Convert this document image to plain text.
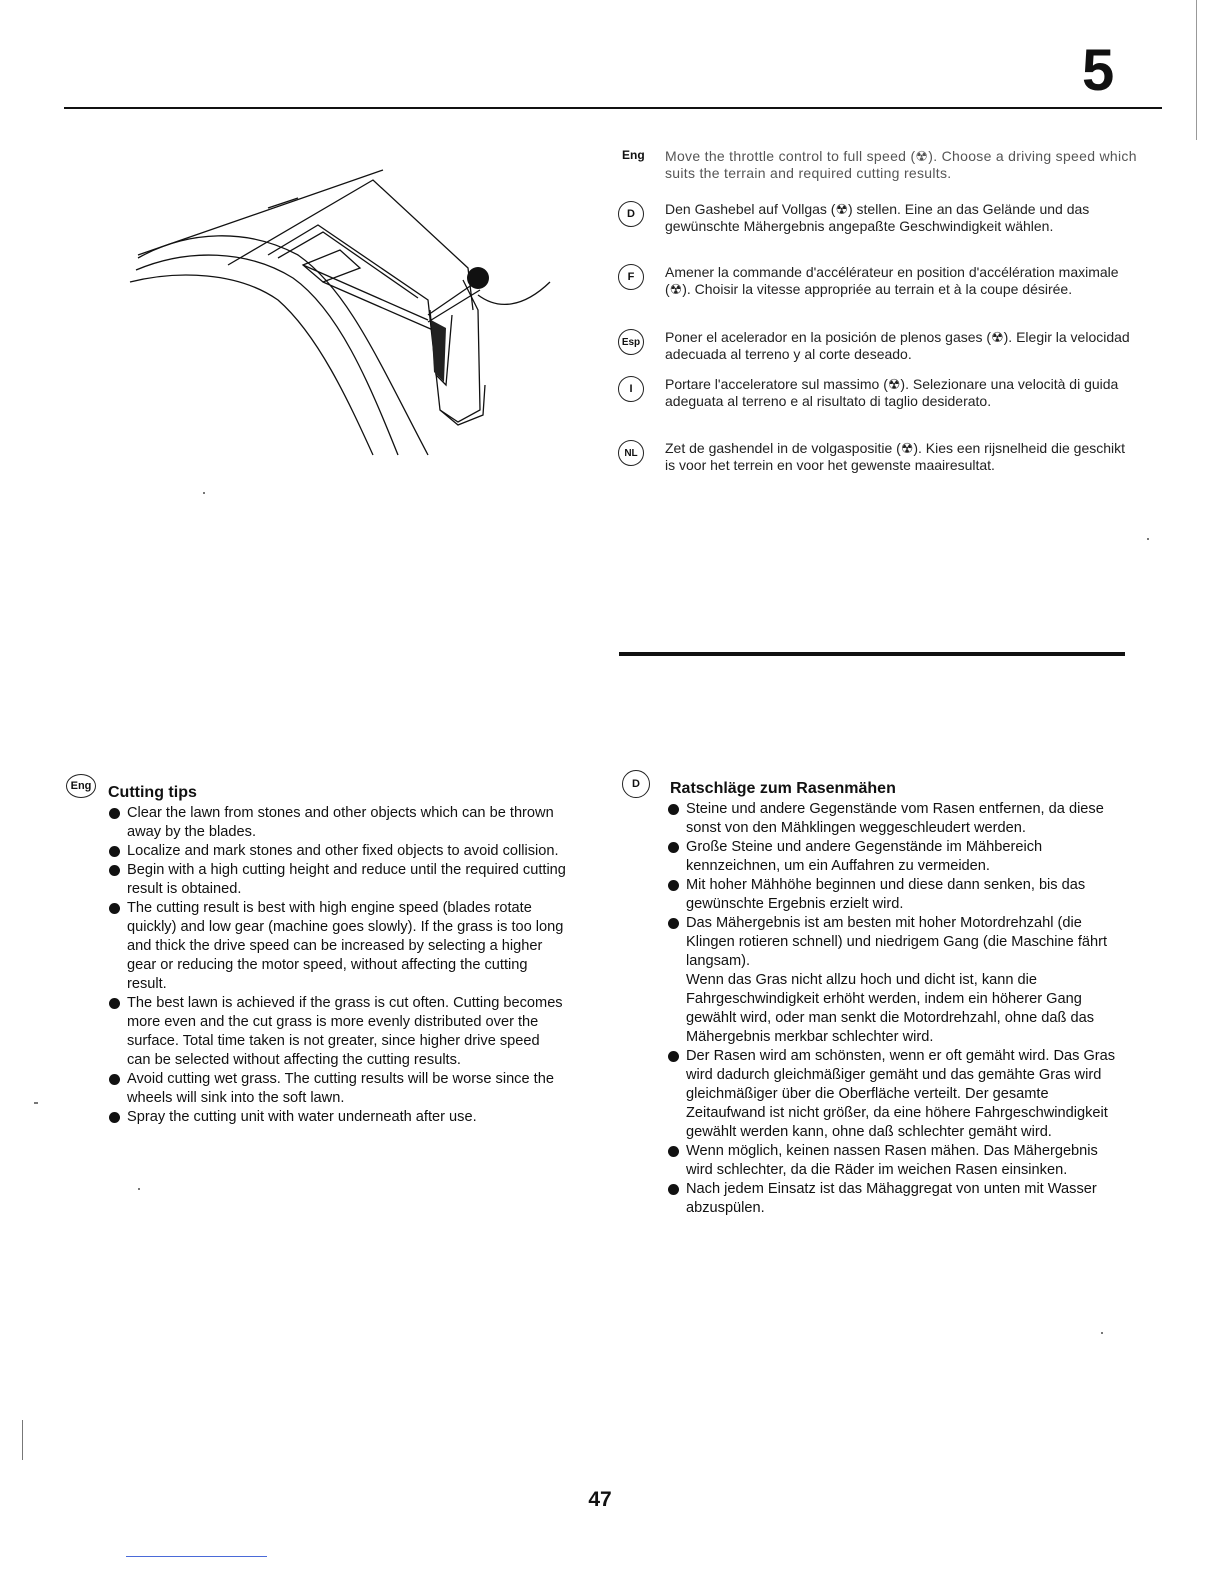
5
Eng Move the throttle control to full speed (☢). Choose a driving speed which suits the terrain and required cutting results.
D	Den Gashebel auf Vollgas (☢) stellen. Eine an das Gelände und das gewünschte Mähergebnis angepaßte Geschwindigkeit wählen.
F	Amener la commande d'accélérateur en position d'accélération maximale (☢). Choisir la vitesse appropriée au terrain et à la coupe désirée.
Esp Poner el acelerador en la posición de plenos gases (☢). Elegir la velocidad adecuada al terreno y al corte deseado.
I	Portare l'acceleratore sul massimo (☢). Selezionare una velocità di guida adeguata al terreno e al risultato di taglio desiderato.
NL	Zet de gashendel in de volgaspositie (☢). Kies een rijsnelheid die geschikt is voor het terrein en voor het gewenste maairesultat.
Eng Cutting tips
Clear the lawn from stones and other objects which can be thrown away by the blades.
Localize and mark stones and other fixed objects to avoid collision.
Begin with a high cutting height and reduce until the required cutting result is obtained.
The cutting result is best with high engine speed (blades rotate quickly) and low gear (machine goes slowly). If the grass is too long and thick the drive speed can be increased by selecting a higher gear or reducing the motor speed, without affecting the cutting result.
The best lawn is achieved if the grass is cut often. Cutting becomes more even and the cut grass is more evenly distributed over the surface. Total time taken is not greater, since higher drive speed can be selected without affecting the cutting results.
Avoid cutting wet grass. The cutting results will be worse since the wheels will sink into the soft lawn.
Spray the cutting unit with water underneath after use.
D	Ratschläge zum Rasenmähen
Steine und andere Gegenstände vom Rasen entfernen, da diese sonst von den Mähklingen weggeschleudert werden.
Große Steine und andere Gegenstände im Mähbereich kennzeichnen, um ein Auffahren zu vermeiden.
Mit hoher Mähhöhe beginnen und diese dann senken, bis das gewünschte Ergebnis erzielt wird.
Das Mähergebnis ist am besten mit hoher Motordrehzahl (die Klingen rotieren schnell) und niedrigem Gang (die Maschine fährt langsam).
Wenn das Gras nicht allzu hoch und dicht ist, kann die Fahrgeschwindigkeit erhöht werden, indem ein höherer Gang gewählt wird, oder man senkt die Motordrehzahl, ohne daß das Mähergebnis merkbar schlechter wird.
Der Rasen wird am schönsten, wenn er oft gemäht wird. Das Gras wird dadurch gleichmäßiger gemäht und das gemähte Gras wird gleichmäßiger über die Oberfläche verteilt. Der gesamte Zeitaufwand ist nicht größer, da eine höhere Fahrgeschwindigkeit gewählt werden kann, ohne daß schlechter gemäht wird.
Wenn möglich, keinen nassen Rasen mähen. Das Mähergebnis wird schlechter, da die Räder im weichen Rasen einsinken.
Nach jedem Einsatz ist das Mähaggregat von unten mit Wasser abzuspülen.
47
